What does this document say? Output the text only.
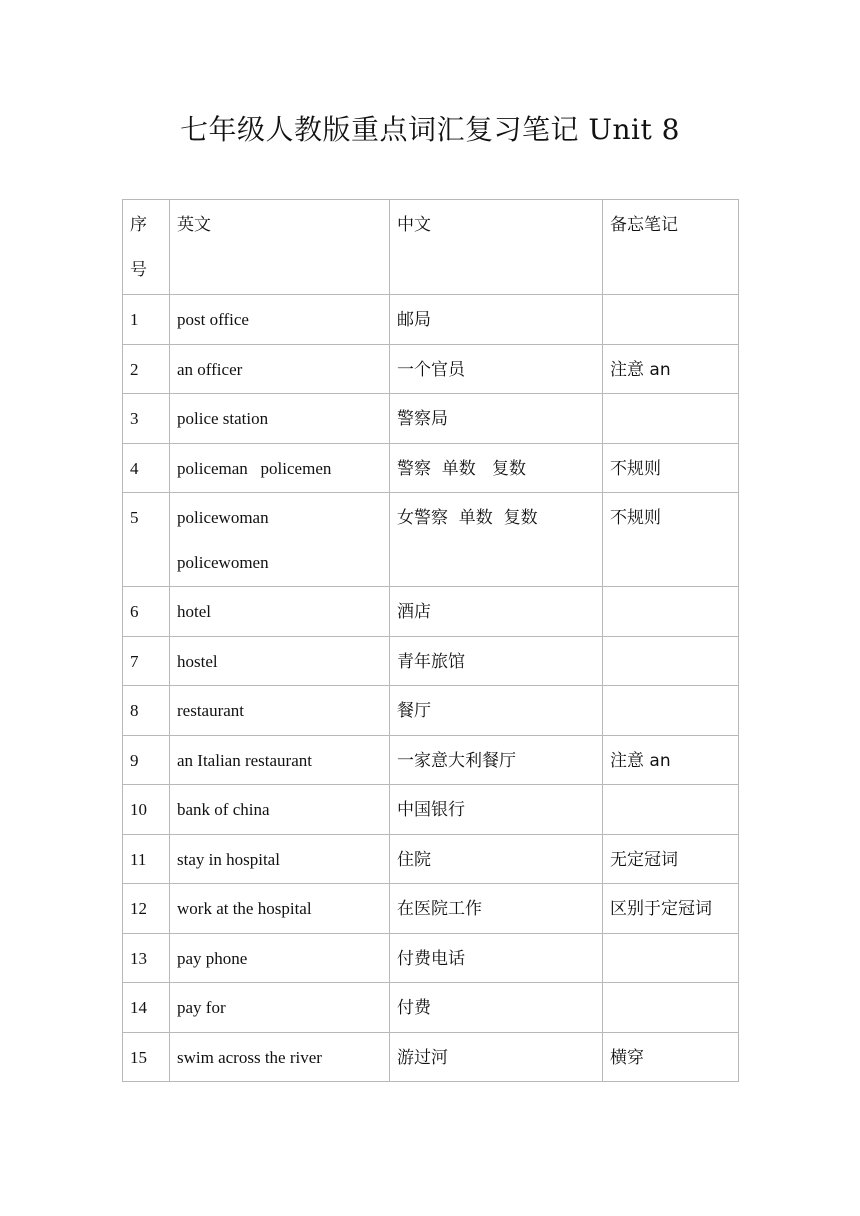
七年级人教版重点词汇复习笔记 Unit 8
序
号	英文	中文	备忘笔记

1	post office	邮局	

2	an officer	一个官员	注意 an

3	police station	警察局	

4	policeman   policemen	警察  单数   复数	不规则

5	policewoman
policewomen	女警察  单数  复数	不规则

6	hotel	酒店	

7	hostel	青年旅馆	

8	restaurant	餐厅	

9	an Italian restaurant	一家意大利餐厅	注意 an

10	bank of china	中国银行	

11	stay in hospital	住院	无定冠词

12	work at the hospital	在医院工作	区别于定冠词

13	pay phone	付费电话	

14	pay for	付费	

15	swim across the river	游过河	横穿
